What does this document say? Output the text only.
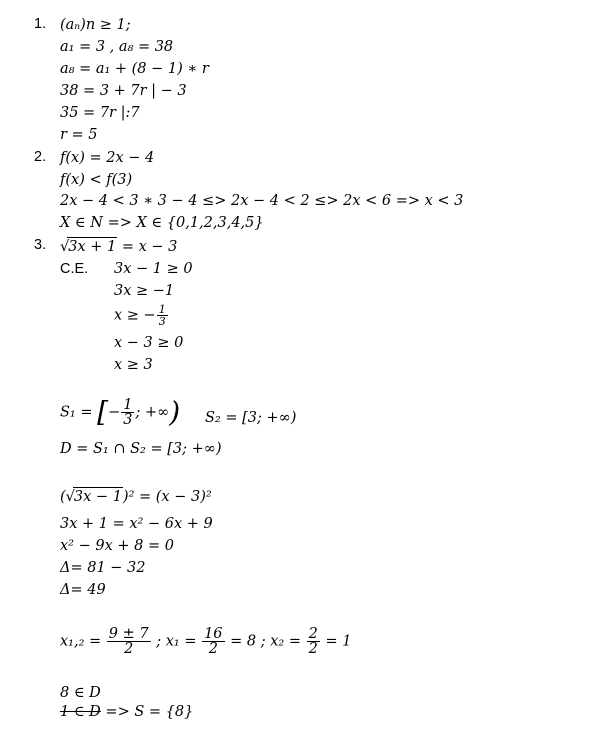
1. (aₙ)n ≥ 1;
a₁ = 3 , a₈ = 38
a₈ = a₁ + (8 − 1) ∗ r
38 = 3 + 7r | − 3
35 = 7r |:7
r = 5
2. f(x) = 2x − 4
f(x) < f(3)
2x − 4 < 3 ∗ 3 − 4 ≤> 2x − 4 < 2 ≤> 2x < 6 => x < 3
X ∈ N => X ∈ {0,1,2,3,4,5}
3. √3x + 1 = x − 3
C.E. 3x − 1 ≥ 0
3x ≥ −1
x ≥ − $\frac{1}{3}$
x − 3 ≥ 0
x ≥ 3
S₁ = [− $\frac{1}{3}$ ; +∞) S₂ = [3; +∞)
D = S₁ ∩ S₂ = [3; +∞)
(√3x − 1)² = (x − 3)²
3x + 1 = x² − 6x + 9
x² − 9x + 8 = 0
Δ= 81 − 32
Δ= 49
$x_1,_2 = \frac{9 \pm 7}{2}$ ; $x_1 = \frac{16}{2} = 8$ ; $x_2 = \frac{2}{2} = 1$
8 ∈ D
1 ∈ D => S = {8}
